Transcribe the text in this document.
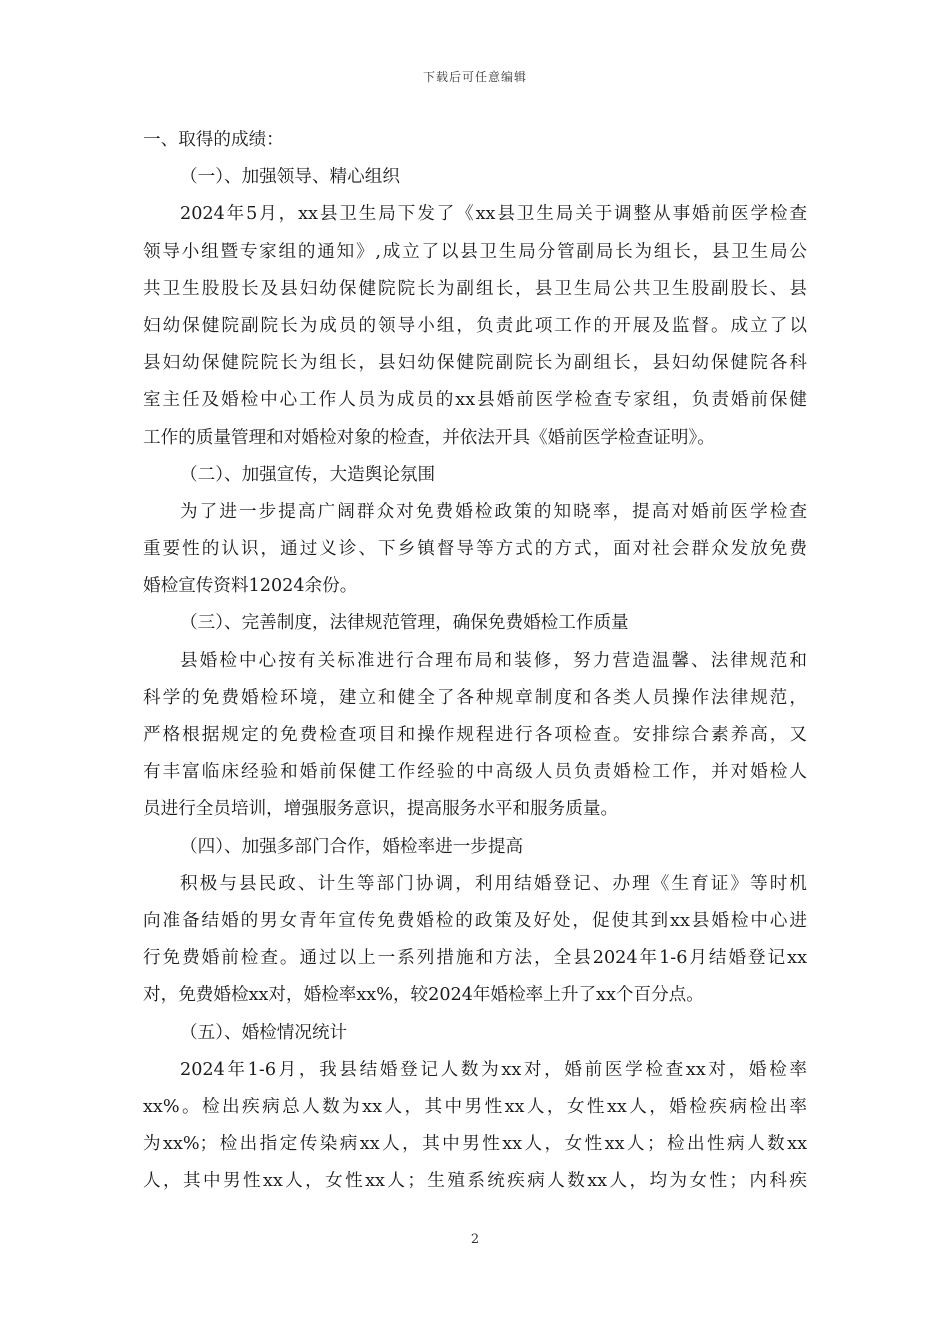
下载后可任意编辑
一、取得的成绩：
（一）、加强领导、精心组织
2024年5月，xx县卫生局下发了《xx县卫生局关于调整从事婚前医学检查
领导小组暨专家组的通知》,成立了以县卫生局分管副局长为组长，县卫生局公
共卫生股股长及县妇幼保健院院长为副组长，县卫生局公共卫生股副股长、县
妇幼保健院副院长为成员的领导小组，负责此项工作的开展及监督。成立了以
县妇幼保健院院长为组长，县妇幼保健院副院长为副组长，县妇幼保健院各科
室主任及婚检中心工作人员为成员的xx县婚前医学检查专家组，负责婚前保健
工作的质量管理和对婚检对象的检查，并依法开具《婚前医学检查证明》。
（二）、加强宣传，大造舆论氛围
为了进一步提高广阔群众对免费婚检政策的知晓率，提高对婚前医学检查
重要性的认识，通过义诊、下乡镇督导等方式的方式，面对社会群众发放免费
婚检宣传资料12024余份。
（三）、完善制度，法律规范管理，确保免费婚检工作质量
县婚检中心按有关标准进行合理布局和装修，努力营造温馨、法律规范和
科学的免费婚检环境，建立和健全了各种规章制度和各类人员操作法律规范，
严格根据规定的免费检查项目和操作规程进行各项检查。安排综合素养高，又
有丰富临床经验和婚前保健工作经验的中高级人员负责婚检工作，并对婚检人
员进行全员培训，增强服务意识，提高服务水平和服务质量。
（四）、加强多部门合作，婚检率进一步提高
积极与县民政、计生等部门协调，利用结婚登记、办理《生育证》等时机
向准备结婚的男女青年宣传免费婚检的政策及好处，促使其到xx县婚检中心进
行免费婚前检查。通过以上一系列措施和方法，全县2024年1-6月结婚登记xx
对，免费婚检xx对，婚检率xx%，较2024年婚检率上升了xx个百分点。
（五）、婚检情况统计
2024年1-6月，我县结婚登记人数为xx对，婚前医学检查xx对，婚检率
xx%。检出疾病总人数为xx人，其中男性xx人，女性xx人，婚检疾病检出率
为xx%；检出指定传染病xx人，其中男性xx人，女性xx人；检出性病人数xx
人，其中男性xx人，女性xx人；生殖系统疾病人数xx人，均为女性；内科疾
2
